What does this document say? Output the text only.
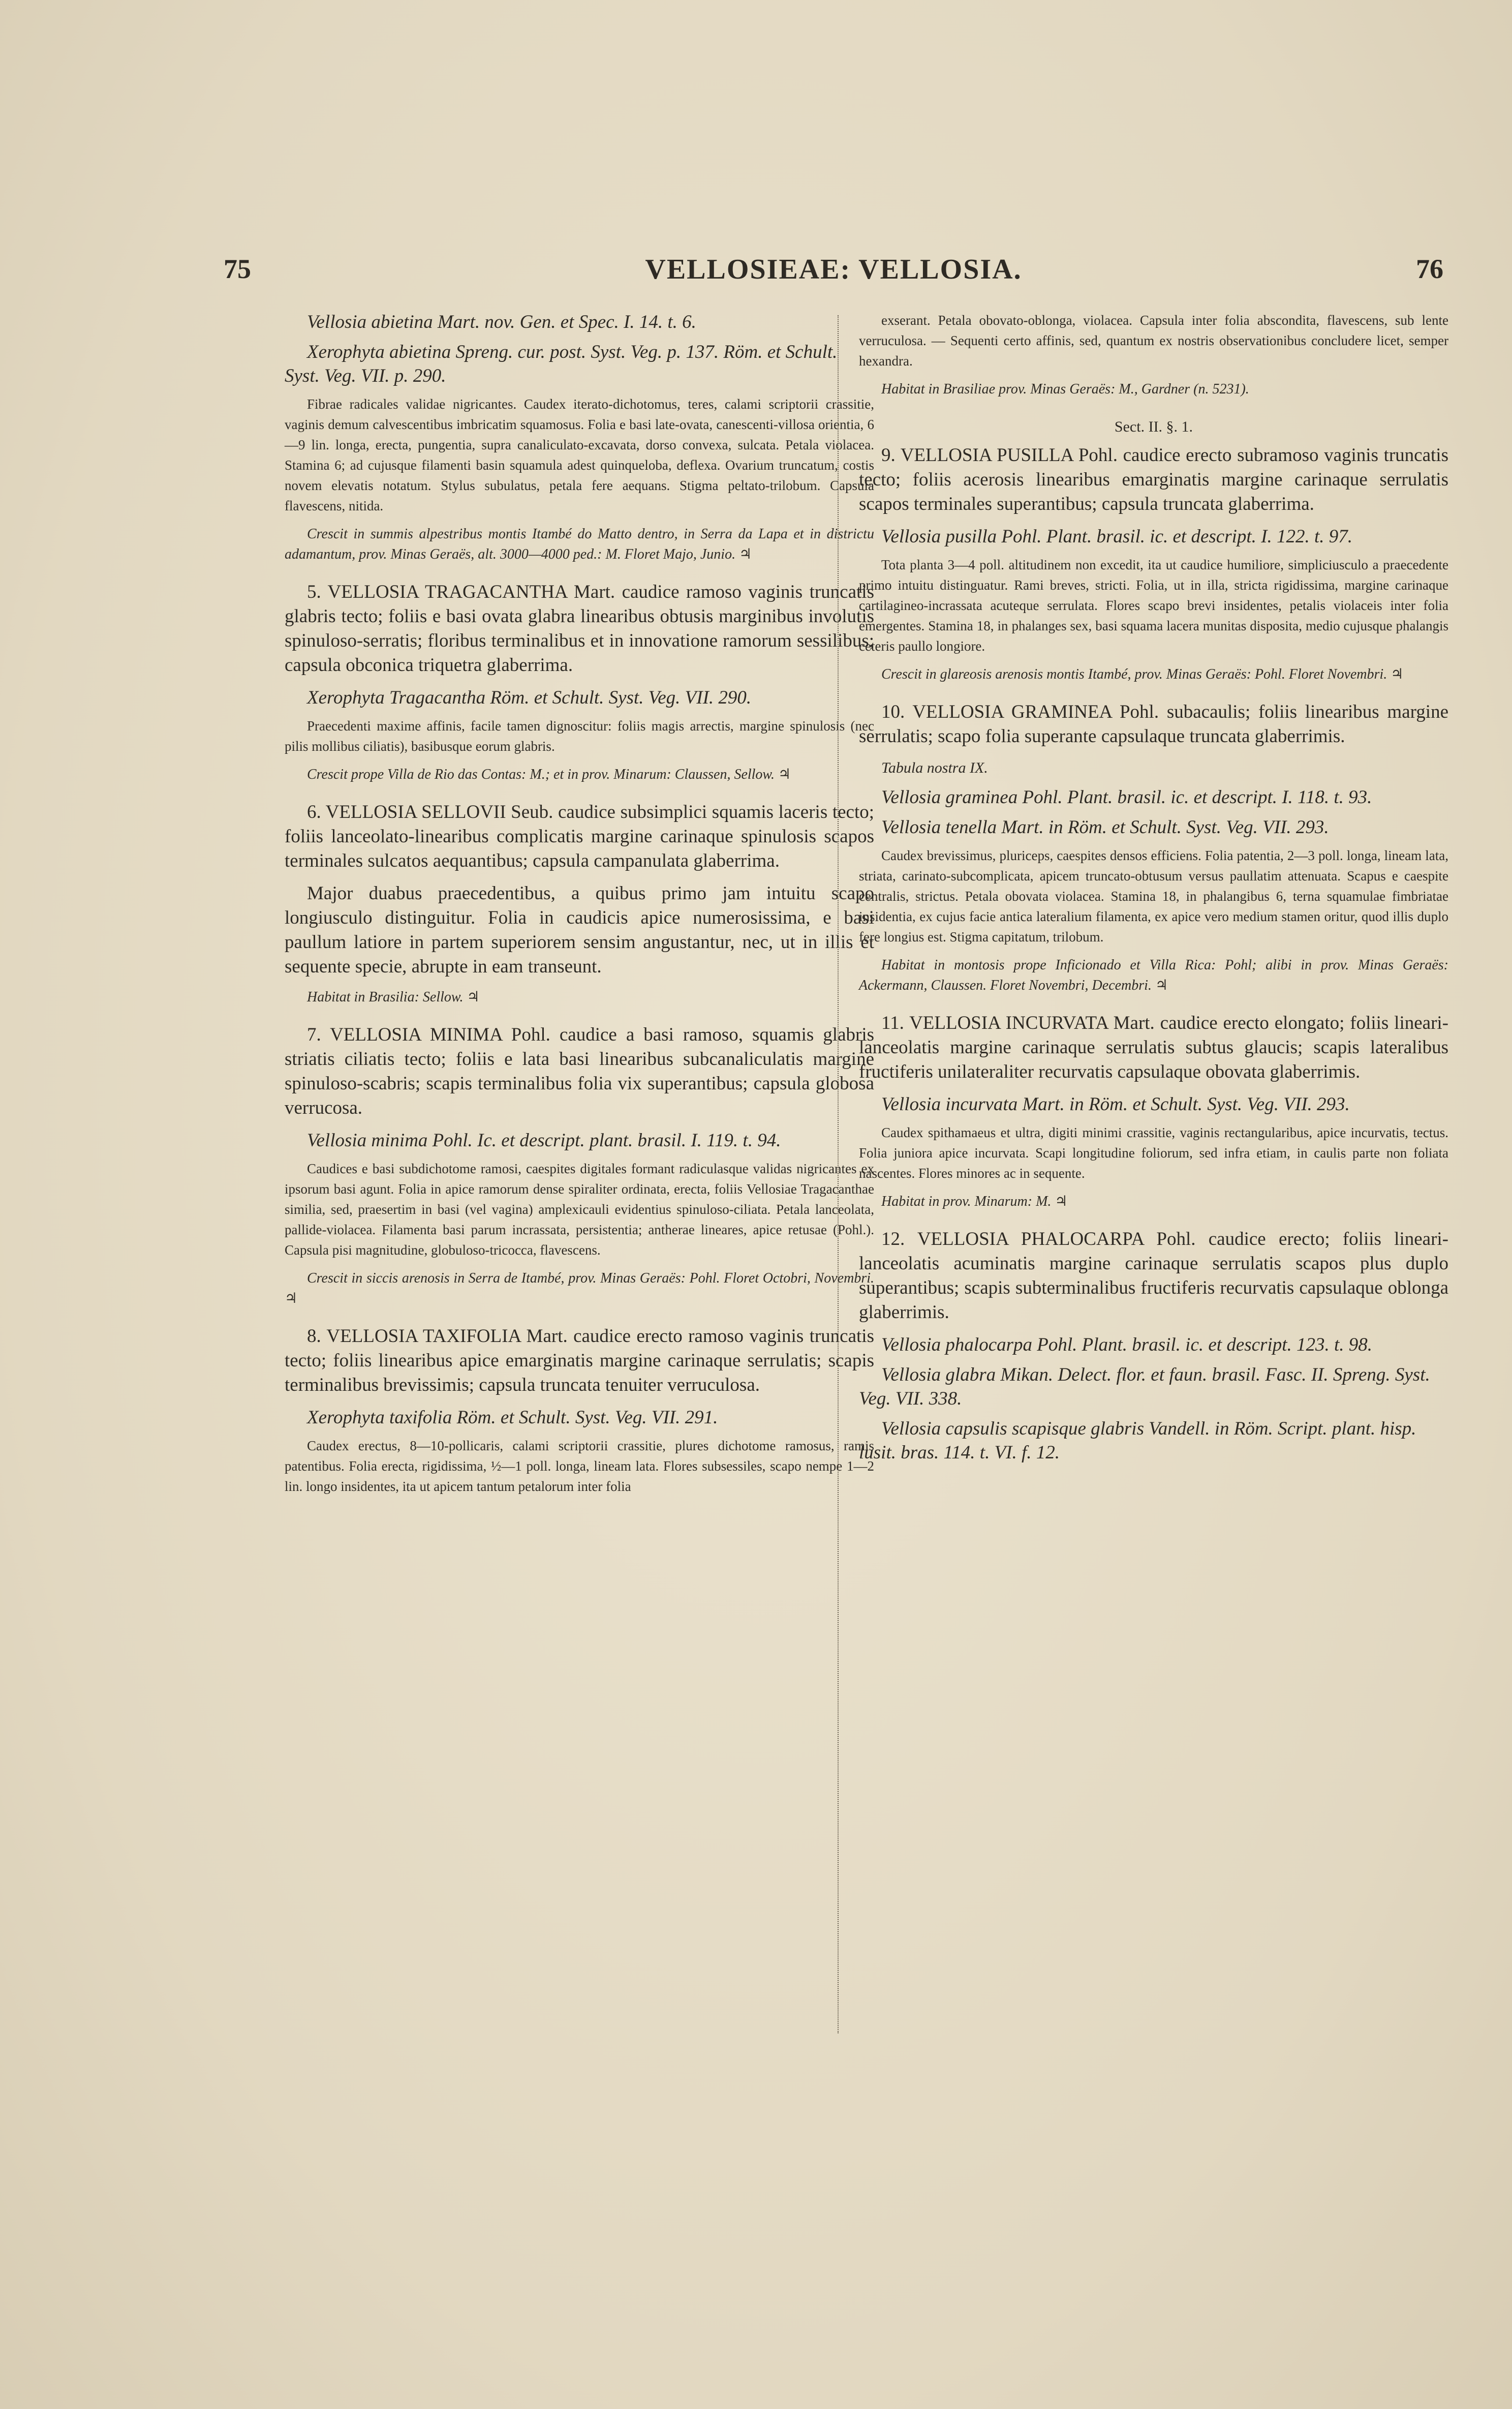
75	VELLOSIEAE: VELLOSIA.	76

Vellosia abietina Mart. nov. Gen. et Spec. I. 14. t. 6.

Xerophyta abietina Spreng. cur. post. Syst. Veg. p. 137. Röm. et Schult. Syst. Veg. VII. p. 290.

Fibrae radicales validae nigricantes. Caudex iterato-dichotomus, teres, calami scriptorii crassitie, vaginis demum calvescentibus imbricatim squamosus. Folia e basi late-ovata, canescenti-villosa orientia, 6—9 lin. longa, erecta, pungentia, supra canaliculato-excavata, dorso convexa, sulcata. Petala violacea. Stamina 6; ad cujusque filamenti basin squamula adest quinqueloba, deflexa. Ovarium truncatum, costis novem elevatis notatum. Stylus subulatus, petala fere aequans. Stigma peltato-trilobum. Capsula flavescens, nitida.

Crescit in summis alpestribus montis Itambé do Matto dentro, in Serra da Lapa et in districtu adamantum, prov. Minas Geraës, alt. 3000—4000 ped.: M. Floret Majo, Junio. ♃

5. VELLOSIA TRAGACANTHA Mart. caudice ramoso vaginis truncatis glabris tecto; foliis e basi ovata glabra linearibus obtusis marginibus involutis spinuloso-serratis; floribus terminalibus et in innovatione ramorum sessilibus; capsula obconica triquetra glaberrima.

Xerophyta Tragacantha Röm. et Schult. Syst. Veg. VII. 290.

Praecedenti maxime affinis, facile tamen dignoscitur: foliis magis arrectis, margine spinulosis (nec pilis mollibus ciliatis), basibusque eorum glabris.

Crescit prope Villa de Rio das Contas: M.; et in prov. Minarum: Claussen, Sellow. ♃

6. VELLOSIA SELLOVII Seub. caudice subsimplici squamis laceris tecto; foliis lanceolato-linearibus complicatis margine carinaque spinulosis scapos terminales sulcatos aequantibus; capsula campanulata glaberrima.

Major duabus praecedentibus, a quibus primo jam intuitu scapo longiusculo distinguitur. Folia in caudicis apice numerosissima, e basi paullum latiore in partem superiorem sensim angustantur, nec, ut in illis et sequente specie, abrupte in eam transeunt.

Habitat in Brasilia: Sellow. ♃

7. VELLOSIA MINIMA Pohl. caudice a basi ramoso, squamis glabris striatis ciliatis tecto; foliis e lata basi linearibus subcanaliculatis margine spinuloso-scabris; scapis terminalibus folia vix superantibus; capsula globosa verrucosa.

Vellosia minima Pohl. Ic. et descript. plant. brasil. I. 119. t. 94.

Caudices e basi subdichotome ramosi, caespites digitales formant radiculasque validas nigricantes ex ipsorum basi agunt. Folia in apice ramorum dense spiraliter ordinata, erecta, foliis Vellosiae Tragacanthae similia, sed, praesertim in basi (vel vagina) amplexicauli evidentius spinuloso-ciliata. Petala lanceolata, pallide-violacea. Filamenta basi parum incrassata, persistentia; antherae lineares, apice retusae (Pohl.). Capsula pisi magnitudine, globuloso-tricocca, flavescens.

Crescit in siccis arenosis in Serra de Itambé, prov. Minas Geraës: Pohl. Floret Octobri, Novembri. ♃

8. VELLOSIA TAXIFOLIA Mart. caudice erecto ramoso vaginis truncatis tecto; foliis linearibus apice emarginatis margine carinaque serrulatis; scapis terminalibus brevissimis; capsula truncata tenuiter verruculosa.

Xerophyta taxifolia Röm. et Schult. Syst. Veg. VII. 291.

Caudex erectus, 8—10-pollicaris, calami scriptorii crassitie, plures dichotome ramosus, ramis patentibus. Folia erecta, rigidissima, ½—1 poll. longa, lineam lata. Flores subsessiles, scapo nempe 1—2 lin. longo insidentes, ita ut apicem tantum petalorum inter folia

exserant. Petala obovato-oblonga, violacea. Capsula inter folia abscondita, flavescens, sub lente verruculosa. — Sequenti certo affinis, sed, quantum ex nostris observationibus concludere licet, semper hexandra.

Habitat in Brasiliae prov. Minas Geraës: M., Gardner (n. 5231).

Sect. II. §. 1.

9. VELLOSIA PUSILLA Pohl. caudice erecto subramoso vaginis truncatis tecto; foliis acerosis linearibus emarginatis margine carinaque serrulatis scapos terminales superantibus; capsula truncata glaberrima.

Vellosia pusilla Pohl. Plant. brasil. ic. et descript. I. 122. t. 97.

Tota planta 3—4 poll. altitudinem non excedit, ita ut caudice humiliore, simpliciusculo a praecedente primo intuitu distinguatur. Rami breves, stricti. Folia, ut in illa, stricta rigidissima, margine carinaque cartilagineo-incrassata acuteque serrulata. Flores scapo brevi insidentes, petalis violaceis inter folia emergentes. Stamina 18, in phalanges sex, basi squama lacera munitas disposita, medio cujusque phalangis ceteris paullo longiore.

Crescit in glareosis arenosis montis Itambé, prov. Minas Geraës: Pohl. Floret Novembri. ♃

10. VELLOSIA GRAMINEA Pohl. subacaulis; foliis linearibus margine serrulatis; scapo folia superante capsulaque truncata glaberrimis.

Tabula nostra IX.

Vellosia graminea Pohl. Plant. brasil. ic. et descript. I. 118. t. 93.

Vellosia tenella Mart. in Röm. et Schult. Syst. Veg. VII. 293.

Caudex brevissimus, pluriceps, caespites densos efficiens. Folia patentia, 2—3 poll. longa, lineam lata, striata, carinato-subcomplicata, apicem truncato-obtusum versus paullatim attenuata. Scapus e caespite centralis, strictus. Petala obovata violacea. Stamina 18, in phalangibus 6, terna squamulae fimbriatae insidentia, ex cujus facie antica lateralium filamenta, ex apice vero medium stamen oritur, quod illis duplo fere longius est. Stigma capitatum, trilobum.

Habitat in montosis prope Inficionado et Villa Rica: Pohl; alibi in prov. Minas Geraës: Ackermann, Claussen. Floret Novembri, Decembri. ♃

11. VELLOSIA INCURVATA Mart. caudice erecto elongato; foliis lineari-lanceolatis margine carinaque serrulatis subtus glaucis; scapis lateralibus fructiferis unilateraliter recurvatis capsulaque obovata glaberrimis.

Vellosia incurvata Mart. in Röm. et Schult. Syst. Veg. VII. 293.

Caudex spithamaeus et ultra, digiti minimi crassitie, vaginis rectangularibus, apice incurvatis, tectus. Folia juniora apice incurvata. Scapi longitudine foliorum, sed infra etiam, in caulis parte non foliata nascentes. Flores minores ac in sequente.

Habitat in prov. Minarum: M. ♃

12. VELLOSIA PHALOCARPA Pohl. caudice erecto; foliis lineari-lanceolatis acuminatis margine carinaque serrulatis scapos plus duplo superantibus; scapis subterminalibus fructiferis recurvatis capsulaque oblonga glaberrimis.

Vellosia phalocarpa Pohl. Plant. brasil. ic. et descript. 123. t. 98.

Vellosia glabra Mikan. Delect. flor. et faun. brasil. Fasc. II. Spreng. Syst. Veg. VII. 338.

Vellosia capsulis scapisque glabris Vandell. in Röm. Script. plant. hisp. lusit. bras. 114. t. VI. f. 12.
